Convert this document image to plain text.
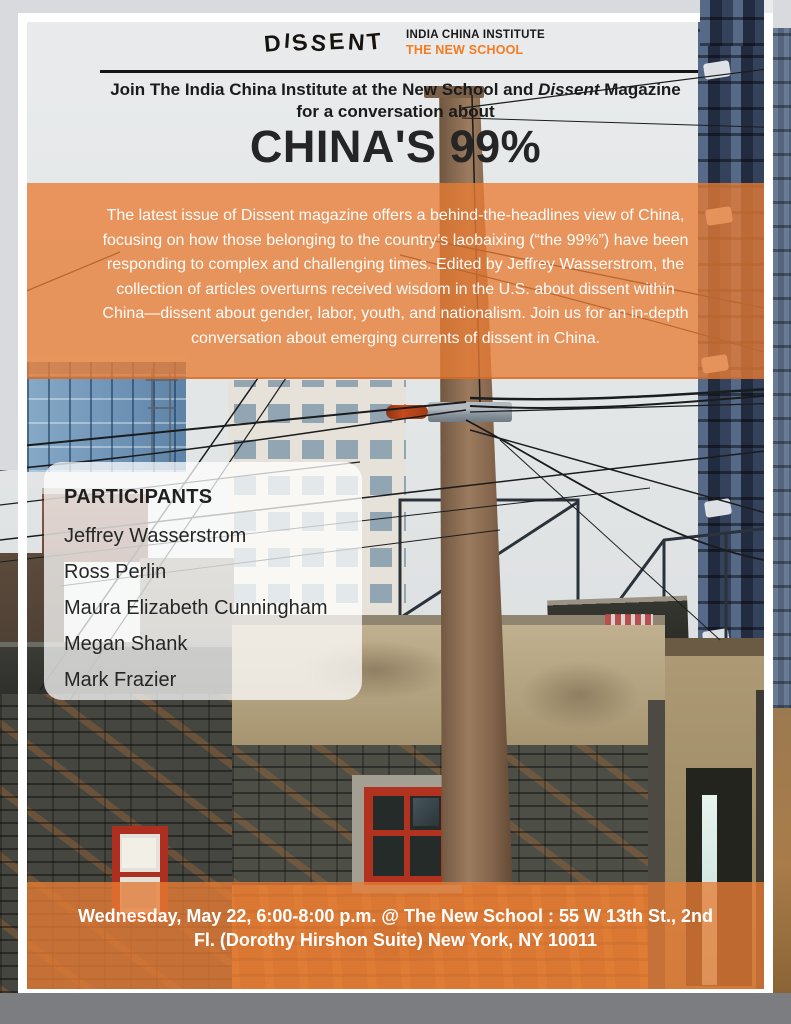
DISSENT	INDIA CHINA INSTITUTE
THE NEW SCHOOL
Join The India China Institute at the New School and Dissent Magazine
for a conversation about
CHINA'S 99%

The latest issue of Dissent magazine offers a behind-the-headlines view of China, focusing on how those belonging to the country’s laobaixing (“the 99%”) have been responding to complex and challenging times. Edited by Jeffrey Wasserstrom, the collection of articles overturns received wisdom in the U.S. about dissent within China—dissent about gender, labor, youth, and nationalism. Join us for an in-depth conversation about emerging currents of dissent in China.

PARTICIPANTS
Jeffrey Wasserstrom
Ross Perlin
Maura Elizabeth Cunningham
Megan Shank
Mark Frazier
Wednesday, May 22, 6:00-8:00 p.m. @ The New School : 55 W 13th St., 2nd
Fl. (Dorothy Hirshon Suite) New York, NY 10011
